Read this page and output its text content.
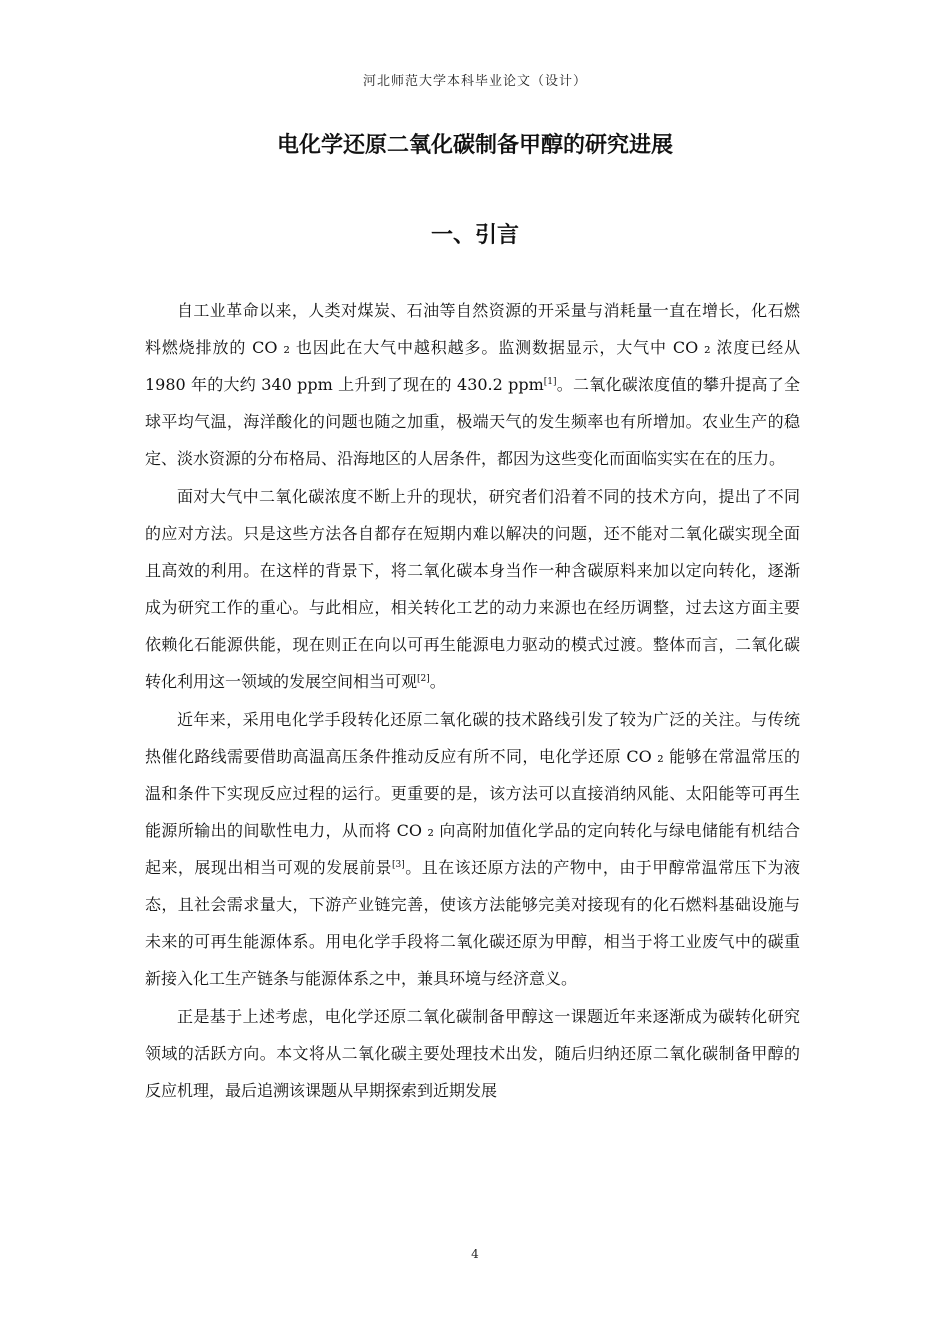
河北师范大学本科毕业论文（设计）
电化学还原二氧化碳制备甲醇的研究进展
一、引言

自工业革命以来，人类对煤炭、石油等自然资源的开采量与消耗量一直在增长，化石燃料燃烧排放的 CO ₂ 也因此在大气中越积越多。监测数据显示，大气中 CO ₂ 浓度已经从 1980 年的大约 340 ppm 上升到了现在的 430.2 ppm[1]。二氧化碳浓度值的攀升提高了全球平均气温，海洋酸化的问题也随之加重，极端天气的发生频率也有所增加。农业生产的稳定、淡水资源的分布格局、沿海地区的人居条件，都因为这些变化而面临实实在在的压力。

面对大气中二氧化碳浓度不断上升的现状，研究者们沿着不同的技术方向，提出了不同的应对方法。只是这些方法各自都存在短期内难以解决的问题，还不能对二氧化碳实现全面且高效的利用。在这样的背景下，将二氧化碳本身当作一种含碳原料来加以定向转化，逐渐成为研究工作的重心。与此相应，相关转化工艺的动力来源也在经历调整，过去这方面主要依赖化石能源供能，现在则正在向以可再生能源电力驱动的模式过渡。整体而言，二氧化碳转化利用这一领域的发展空间相当可观[2]。

近年来，采用电化学手段转化还原二氧化碳的技术路线引发了较为广泛的关注。与传统热催化路线需要借助高温高压条件推动反应有所不同，电化学还原 CO ₂ 能够在常温常压的温和条件下实现反应过程的运行。更重要的是，该方法可以直接消纳风能、太阳能等可再生能源所输出的间歇性电力，从而将 CO ₂ 向高附加值化学品的定向转化与绿电储能有机结合起来，展现出相当可观的发展前景[3]。且在该还原方法的产物中，由于甲醇常温常压下为液态，且社会需求量大，下游产业链完善，使该方法能够完美对接现有的化石燃料基础设施与未来的可再生能源体系。用电化学手段将二氧化碳还原为甲醇，相当于将工业废气中的碳重新接入化工生产链条与能源体系之中，兼具环境与经济意义。

正是基于上述考虑，电化学还原二氧化碳制备甲醇这一课题近年来逐渐成为碳转化研究领域的活跃方向。本文将从二氧化碳主要处理技术出发，随后归纳还原二氧化碳制备甲醇的反应机理，最后追溯该课题从早期探索到近期发展

4
